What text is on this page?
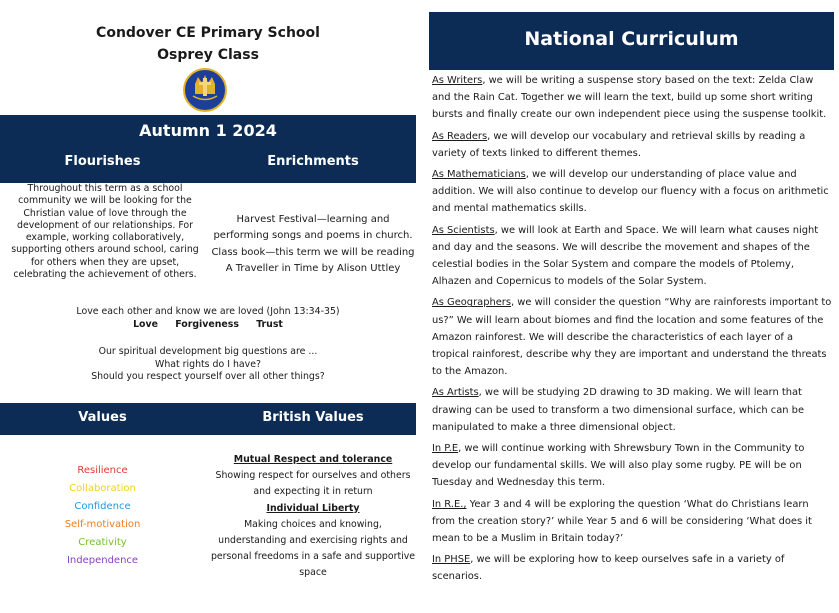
Condover CE Primary School
Osprey Class
Autumn 1 2024
Flourishes	Enrichments
Throughout this term as a school community we will be looking for the Christian value of love through the development of our relationships. For example, working collaboratively, supporting others around school, caring for others when they are upset, celebrating the achievement of others.
Harvest Festival—learning and performing songs and poems in church.
Class book—this term we will be reading A Traveller in Time by Alison Uttley
Love each other and know we are loved (John 13:34-35)
Love Forgiveness Trust
Our spiritual development big questions are ...
What rights do I have?
Should you respect yourself over all other things?
Values	British Values
Resilience
Collaboration
Confidence
Self-motivation
Creativity
Independence
Mutual Respect and tolerance
Showing respect for ourselves and others and expecting it in return
Individual Liberty
Making choices and knowing, understanding and exercising rights and personal freedoms in a safe and supportive space
National Curriculum

As Writers, we will be writing a suspense story based on the text: Zelda Claw and the Rain Cat. Together we will learn the text, build up some short writing bursts and finally create our own independent piece using the suspense toolkit.

As Readers, we will develop our vocabulary and retrieval skills by reading a variety of texts linked to different themes.

As Mathematicians, we will develop our understanding of place value and addition. We will also continue to develop our fluency with a focus on arithmetic and mental mathematics skills.

As Scientists, we will look at Earth and Space. We will learn what causes night and day and the seasons. We will describe the movement and shapes of the celestial bodies in the Solar System and compare the models of Ptolemy, Alhazen and Copernicus to models of the Solar System.

As Geographers, we will consider the question “Why are rainforests important to us?” We will learn about biomes and find the location and some features of the Amazon rainforest. We will describe the characteristics of each layer of a tropical rainforest, describe why they are important and understand the threats to the Amazon.

As Artists, we will be studying 2D drawing to 3D making. We will learn that drawing can be used to transform a two dimensional surface, which can be manipulated to make a three dimensional object.

In P.E, we will continue working with Shrewsbury Town in the Community to develop our fundamental skills. We will also play some rugby. PE will be on Tuesday and Wednesday this term.

In R.E., Year 3 and 4 will be exploring the question ‘What do Christians learn from the creation story?’ while Year 5 and 6 will be considering ‘What does it mean to be a Muslim in Britain today?’

In PHSE, we will be exploring how to keep ourselves safe in a variety of scenarios.
